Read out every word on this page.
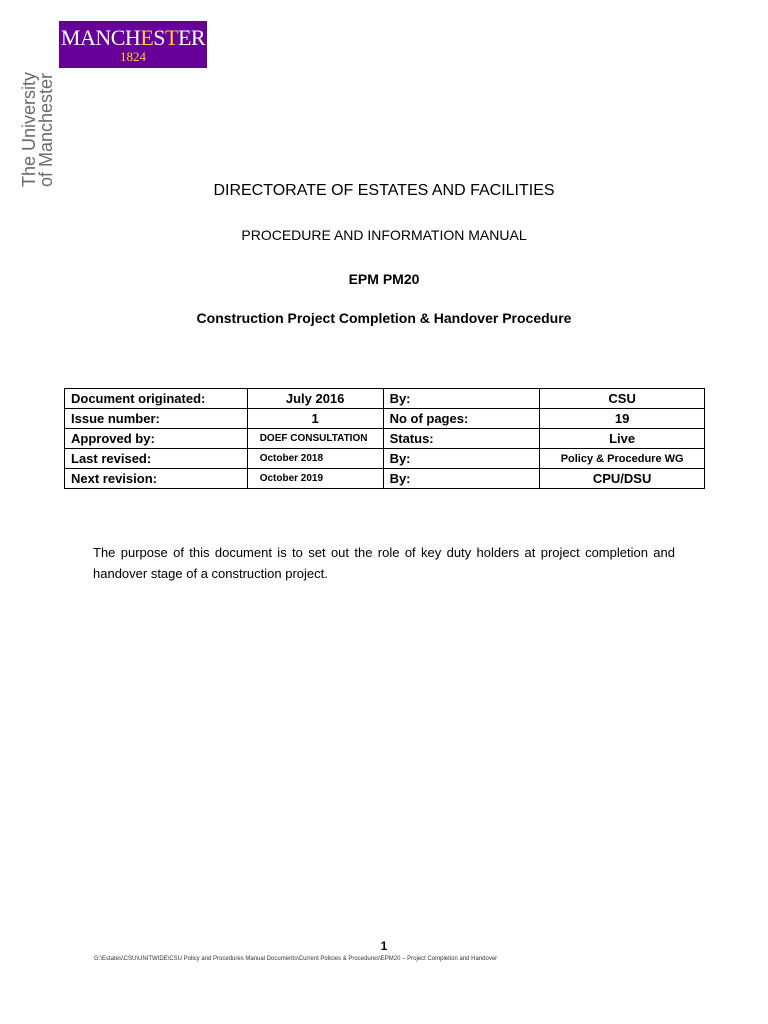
MANCHESTER
1824
The University
of Manchester
DIRECTORATE OF ESTATES AND FACILITIES
PROCEDURE AND INFORMATION MANUAL
EPM PM20
Construction Project Completion & Handover Procedure
Document originated:	July 2016	By:	CSU
Issue number:	1	No of pages:	19
Approved by:	DOEF CONSULTATION	Status:	Live
Last revised:	October 2018	By:	Policy & Procedure WG
Next revision:	October 2019	By:	CPU/DSU

The purpose of this document is to set out the role of key duty holders at project completion and handover stage of a construction project.

1
G:\Estates\CSU\UNITWIDE\CSU Policy and Procedures Manual Documents\Current Policies & Procedures\EPM20 – Project Completion and Handover
